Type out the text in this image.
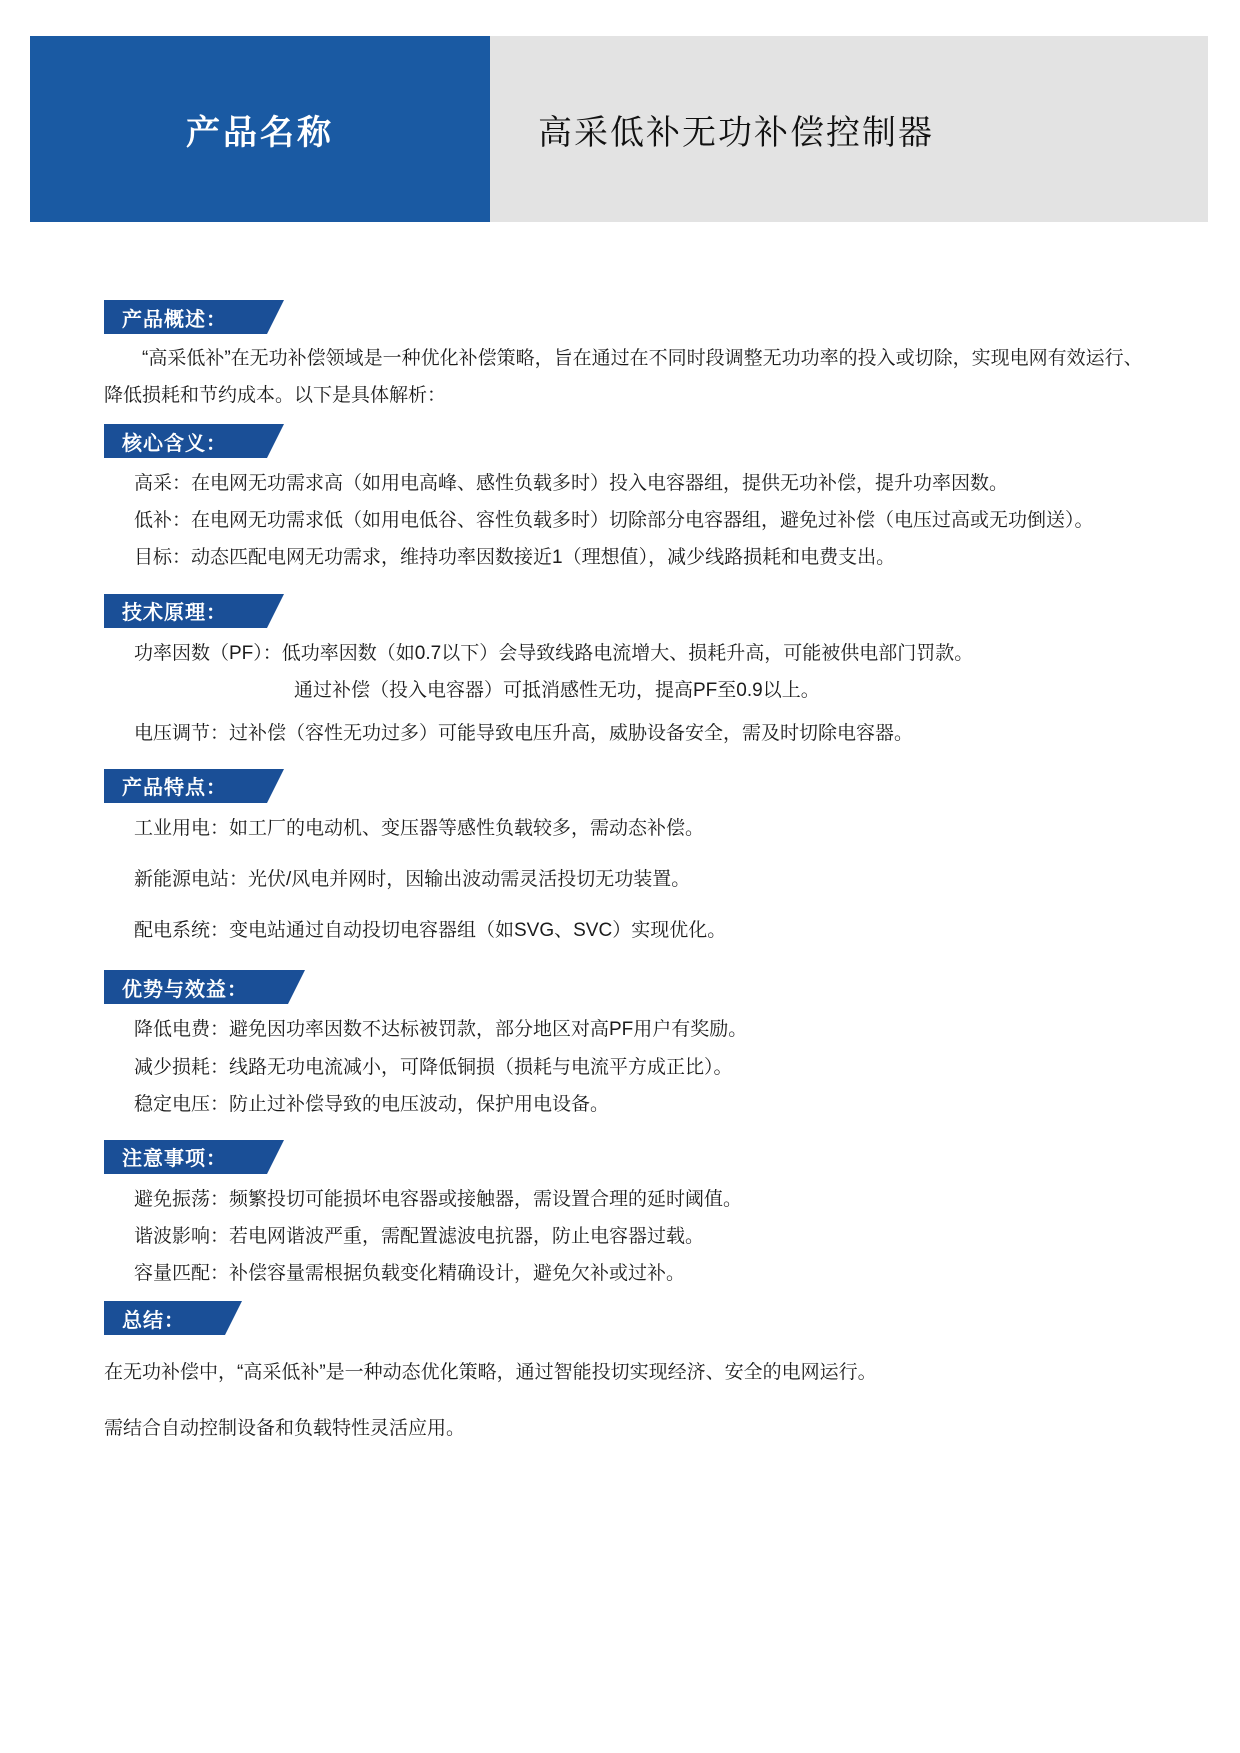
产品名称	高采低补无功补偿控制器
产品概述：

“高采低补”在无功补偿领域是一种优化补偿策略，旨在通过在不同时段调整无功功率的投入或切除，实现电网有效运行、降低损耗和节约成本。以下是具体解析：

核心含义：
高采：在电网无功需求高（如用电高峰、感性负载多时）投入电容器组，提供无功补偿，提升功率因数。
低补：在电网无功需求低（如用电低谷、容性负载多时）切除部分电容器组，避免过补偿（电压过高或无功倒送）。
目标：动态匹配电网无功需求，维持功率因数接近1（理想值），减少线路损耗和电费支出。
技术原理：
功率因数（PF）：低功率因数（如0.7以下）会导致线路电流增大、损耗升高，可能被供电部门罚款。
通过补偿（投入电容器）可抵消感性无功，提高PF至0.9以上。
电压调节：过补偿（容性无功过多）可能导致电压升高，威胁设备安全，需及时切除电容器。
产品特点：
工业用电：如工厂的电动机、变压器等感性负载较多，需动态补偿。
新能源电站：光伏/风电并网时，因输出波动需灵活投切无功装置。
配电系统：变电站通过自动投切电容器组（如SVG、SVC）实现优化。
优势与效益：
降低电费：避免因功率因数不达标被罚款，部分地区对高PF用户有奖励。
减少损耗：线路无功电流减小，可降低铜损（损耗与电流平方成正比）。
稳定电压：防止过补偿导致的电压波动，保护用电设备。
注意事项：
避免振荡：频繁投切可能损坏电容器或接触器，需设置合理的延时阈值。
谐波影响：若电网谐波严重，需配置滤波电抗器，防止电容器过载。
容量匹配：补偿容量需根据负载变化精确设计，避免欠补或过补。
总结：

在无功补偿中，“高采低补”是一种动态优化策略，通过智能投切实现经济、安全的电网运行。

需结合自动控制设备和负载特性灵活应用。
